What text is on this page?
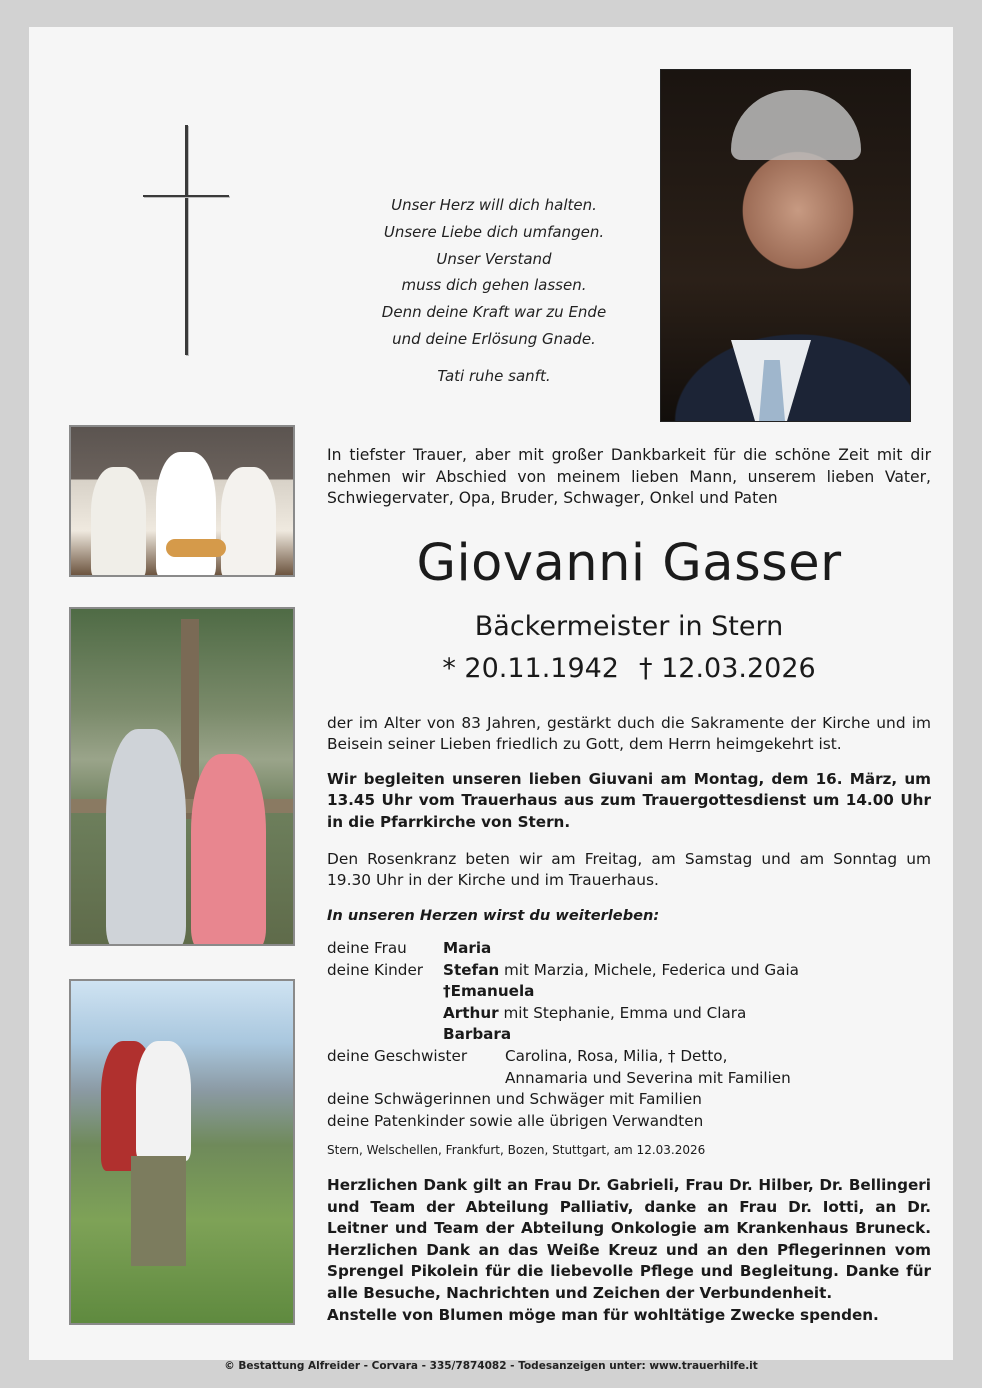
Unser Herz will dich halten.
Unsere Liebe dich umfangen.
Unser Verstand
muss dich gehen lassen.
Denn deine Kraft war zu Ende
und deine Erlösung Gnade.
Tati ruhe sanft.
In tiefster Trauer, aber mit großer Dankbarkeit für die schöne Zeit mit dir nehmen wir Abschied von meinem lieben Mann, unserem lieben Vater, Schwiegervater, Opa, Bruder, Schwager, Onkel und Paten
Giovanni Gasser
Bäckermeister in Stern
* 20.11.1942 † 12.03.2026
der im Alter von 83 Jahren, gestärkt duch die Sakramente der Kirche und im Beisein seiner Lieben friedlich zu Gott, dem Herrn heimgekehrt ist.
Wir begleiten unseren lieben Giuvani am Montag, dem 16. März, um 13.45 Uhr vom Trauerhaus aus zum Trauergottesdienst um 14.00 Uhr in die Pfarrkirche von Stern.
Den Rosenkranz beten wir am Freitag, am Samstag und am Sonntag um 19.30 Uhr in der Kirche und im Trauerhaus.
In unseren Herzen wirst du weiterleben:
deine Frau Maria
deine Kinder Stefan mit Marzia, Michele, Federica und Gaia
†Emanuela
Arthur mit Stephanie, Emma und Clara
Barbara
deine Geschwister Carolina, Rosa, Milia, † Detto,
Annamaria und Severina mit Familien
deine Schwägerinnen und Schwäger mit Familien
deine Patenkinder sowie alle übrigen Verwandten
Stern, Welschellen, Frankfurt, Bozen, Stuttgart, am 12.03.2026
Herzlichen Dank gilt an Frau Dr. Gabrieli, Frau Dr. Hilber, Dr. Bellingeri und Team der Abteilung Palliativ, danke an Frau Dr. Iotti, an Dr. Leitner und Team der Abteilung Onkologie am Krankenhaus Bruneck. Herzlichen Dank an das Weiße Kreuz und an den Pflegerinnen vom Sprengel Pikolein für die liebevolle Pflege und Begleitung. Danke für alle Besuche, Nachrichten und Zeichen der Verbundenheit.
Anstelle von Blumen möge man für wohltätige Zwecke spenden.
© Bestattung Alfreider - Corvara - 335/7874082 - Todesanzeigen unter: www.trauerhilfe.it
